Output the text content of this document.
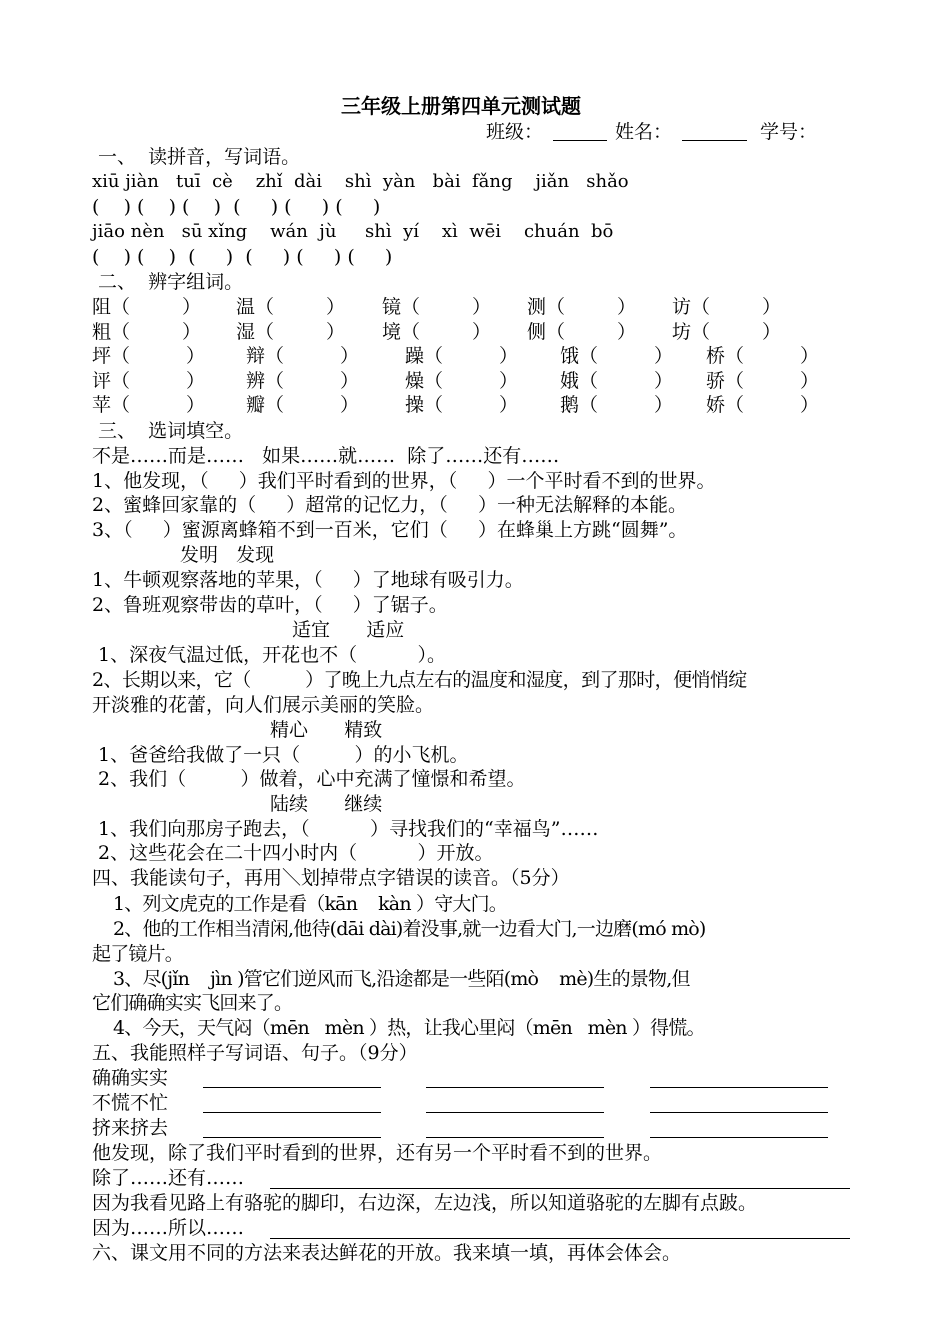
三年级上册第四单元测试题
班级：	姓名：	学号：
一、  读拼音，写词语。
xiū jiàn   tuī  cè    zhǐ  dài    shì  yàn   bài  fǎng    jiǎn   shǎo
(    ) (    ) (    )  (     ) (     ) (     )
jiāo nèn   sū xǐng    wán  jù     shì  yí    xì  wēi    chuán  bō
(    ) (    )  (     )  (     ) (     ) (     )
二、  辨字组词。
阻（	） 温（	） 镜（	） 测（	） 访（	）
粗（	） 湿（	） 境（	） 侧（	） 坊（	）
坪（	） 辩（	） 躁（	） 饿（	） 桥（	）
评（	） 辨（	） 燥（	） 娥（	） 骄（	）
苹（	） 瓣（	） 操（	） 鹅（	） 娇（	）
三、  选词填空。
不是……而是……   如果……就……  除了……还有……
1、他发现，（     ）我们平时看到的世界，（     ）一个平时看不到的世界。
2、蜜蜂回家靠的（     ）超常的记忆力，（     ）一种无法解释的本能。
3、（     ）蜜源离蜂箱不到一百米，它们（     ）在蜂巢上方跳“圆舞”。
发明   发现
1、牛顿观察落地的苹果，（     ）了地球有吸引力。
2、鲁班观察带齿的草叶，（     ）了锯子。
适宜      适应
1、深夜气温过低，开花也不（          ）。
2、长期以来，它（          ）了晚上九点左右的温度和湿度，到了那时，便悄悄绽
开淡雅的花蕾，向人们展示美丽的笑脸。
精心      精致
1、爸爸给我做了一只（         ）的小飞机。
2、我们（         ）做着，心中充满了憧憬和希望。
陆续      继续
1、我们向那房子跑去，（          ）寻找我们的“幸福鸟”……
2、这些花会在二十四小时内（          ）开放。
四、我能读句子，再用＼划掉带点字错误的读音。（5分）
1、列文虎克的工作是看（kān    kàn ）守大门。
2、他的工作相当清闲,他待(dāi dài)着没事,就一边看大门,一边磨(mó mò)
起了镜片。
3、尽(jǐn    jìn )管它们逆风而飞,沿途都是一些陌(mò    mè)生的景物,但
它们确确实实飞回来了。
4、今天，天气闷（mēn   mèn ）热，让我心里闷（mēn   mèn ）得慌。
五、我能照样子写词语、句子。（9分）
他发现，除了我们平时看到的世界，还有另一个平时看不到的世界。
除了……还有……
因为我看见路上有骆驼的脚印，右边深，左边浅，所以知道骆驼的左脚有点跛。
因为……所以……
确确实实
不慌不忙
挤来挤去
六、课文用不同的方法来表达鲜花的开放。我来填一填，再体会体会。
